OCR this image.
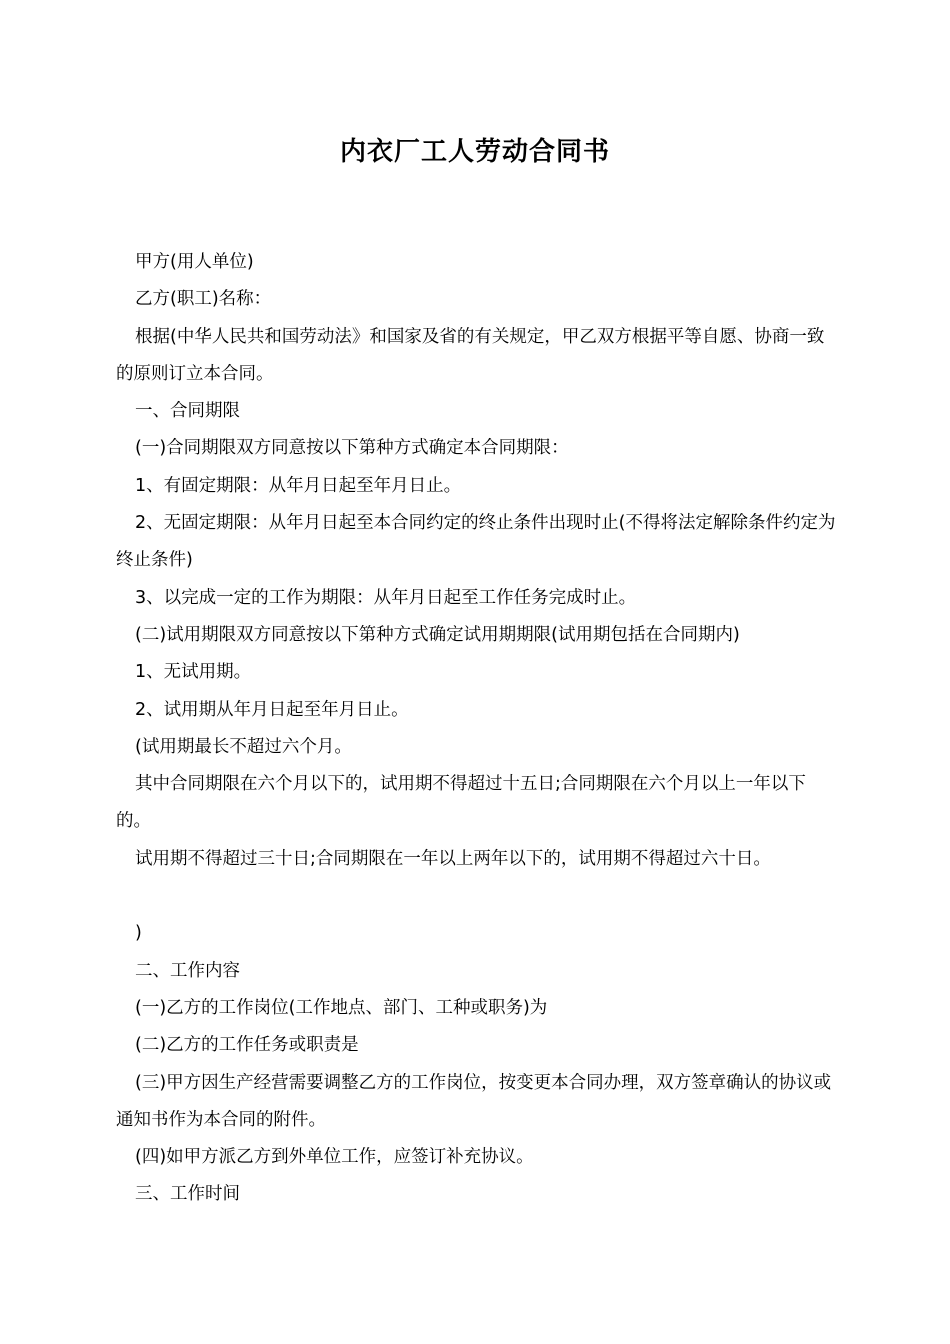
内衣厂工人劳动合同书

甲方(用人单位)

乙方(职工)名称：

根据(中华人民共和国劳动法》和国家及省的有关规定，甲乙双方根据平等自愿、协商一致的原则订立本合同。

一、合同期限

(一)合同期限双方同意按以下第种方式确定本合同期限：

1、有固定期限：从年月日起至年月日止。

2、无固定期限：从年月日起至本合同约定的终止条件出现时止(不得将法定解除条件约定为终止条件)

3、以完成一定的工作为期限：从年月日起至工作任务完成时止。

(二)试用期限双方同意按以下第种方式确定试用期期限(试用期包括在合同期内)

1、无试用期。

2、试用期从年月日起至年月日止。

(试用期最长不超过六个月。

其中合同期限在六个月以下的，试用期不得超过十五日;合同期限在六个月以上一年以下的。

试用期不得超过三十日;合同期限在一年以上两年以下的，试用期不得超过六十日。

)

二、工作内容

(一)乙方的工作岗位(工作地点、部门、工种或职务)为

(二)乙方的工作任务或职责是

(三)甲方因生产经营需要调整乙方的工作岗位，按变更本合同办理，双方签章确认的协议或通知书作为本合同的附件。

(四)如甲方派乙方到外单位工作，应签订补充协议。

三、工作时间
